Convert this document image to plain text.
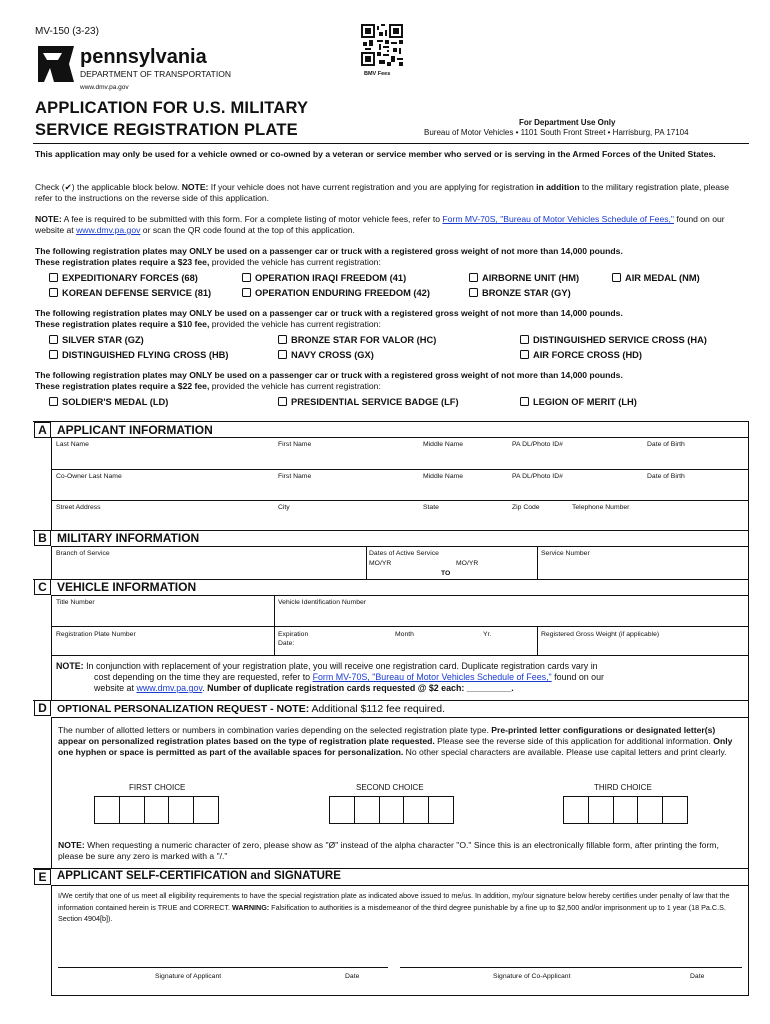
MV-150 (3-23)
pennsylvania
DEPARTMENT OF TRANSPORTATION
www.dmv.pa.gov
BMV Fees
APPLICATION FOR U.S. MILITARY
SERVICE REGISTRATION PLATE	For Department Use Only
Bureau of Motor Vehicles • 1101 South Front Street • Harrisburg, PA 17104
This application may only be used for a vehicle owned or co-owned by a veteran or service member who served or is serving in the Armed Forces of the United States.
Check (✔) the applicable block below. NOTE: If your vehicle does not have current registration and you are applying for registration in addition to the military registration plate, please refer to the instructions on the reverse side of this application.
NOTE: A fee is required to be submitted with this form. For a complete listing of motor vehicle fees, refer to Form MV-70S, "Bureau of Motor Vehicles Schedule of Fees," found on our website at www.dmv.pa.gov or scan the QR code found at the top of this application.
The following registration plates may ONLY be used on a passenger car or truck with a registered gross weight of not more than 14,000 pounds.
These registration plates require a $23 fee, provided the vehicle has current registration:
EXPEDITIONARY FORCES (68)	OPERATION IRAQI FREEDOM (41)	AIRBORNE UNIT (HM)	AIR MEDAL (NM)
KOREAN DEFENSE SERVICE (81)	OPERATION ENDURING FREEDOM (42)	BRONZE STAR (GY)
The following registration plates may ONLY be used on a passenger car or truck with a registered gross weight of not more than 14,000 pounds.
These registration plates require a $10 fee, provided the vehicle has current registration:
SILVER STAR (GZ)	BRONZE STAR FOR VALOR (HC)	DISTINGUISHED SERVICE CROSS (HA)
DISTINGUISHED FLYING CROSS (HB)	NAVY CROSS (GX)	AIR FORCE CROSS (HD)
The following registration plates may ONLY be used on a passenger car or truck with a registered gross weight of not more than 14,000 pounds.
These registration plates require a $22 fee, provided the vehicle has current registration:
SOLDIER'S MEDAL (LD)	PRESIDENTIAL SERVICE BADGE (LF)	LEGION OF MERIT (LH)
A APPLICANT INFORMATION
Last Name	First Name	Middle Name	PA DL/Photo ID#	Date of Birth
Co-Owner Last Name	First Name	Middle Name	PA DL/Photo ID#	Date of Birth
Street Address	City	State	Zip Code	Telephone Number
B MILITARY INFORMATION
Branch of Service	Dates of Active Service
MO/YR	MO/YR
TO
Service Number
C VEHICLE INFORMATION
Title Number	Vehicle Identification Number
Registration Plate Number	Expiration
Date:
Month	Yr.	Registered Gross Weight (if applicable)
NOTE: In conjunction with replacement of your registration plate, you will receive one registration card. Duplicate registration cards vary in
cost depending on the time they are requested, refer to Form MV-70S, "Bureau of Motor Vehicles Schedule of Fees," found on our
website at www.dmv.pa.gov. Number of duplicate registration cards requested @ $2 each: _________.
D OPTIONAL PERSONALIZATION REQUEST - NOTE: Additional $112 fee required.
The number of allotted letters or numbers in combination varies depending on the selected registration plate type. Pre-printed letter configurations or designated letter(s) appear on personalized registration plates based on the type of registration plate requested. Please see the reverse side of this application for additional information. Only one hyphen or space is permitted as part of the available spaces for personalization. No other special characters are available. Please use capital letters and print clearly.
FIRST CHOICE	SECOND CHOICE	THIRD CHOICE
NOTE: When requesting a numeric character of zero, please show as "Ø" instead of the alpha character "O." Since this is an electronically fillable form, after printing the form, please be sure any zero is marked with a "/."
E APPLICANT SELF-CERTIFICATION and SIGNATURE
I/We certify that one of us meet all eligibility requirements to have the special registration plate as indicated above issued to me/us. In addition, my/our signature below hereby certifies under penalty of law that the information contained herein is TRUE and CORRECT. WARNING: Falsification to authorities is a misdemeanor of the third degree punishable by a fine up to $2,500 and/or imprisonment up to 1 year (18 Pa.C.S. Section 4904[b]).
Signature of Applicant	Date	Signature of Co-Applicant	Date
